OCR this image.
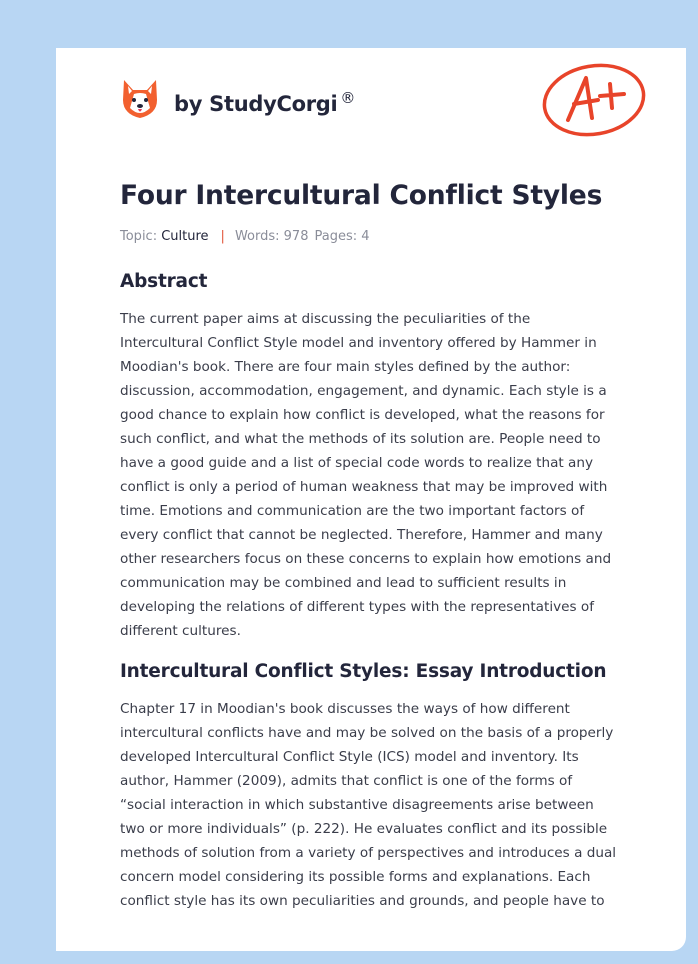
by StudyCorgi ®
Four Intercultural Conflict Styles
Topic: Culture | Words: 978 Pages: 4
Abstract

The current paper aims at discussing the peculiarities of the
Intercultural Conflict Style model and inventory offered by Hammer in
Moodian's book. There are four main styles defined by the author:
discussion, accommodation, engagement, and dynamic. Each style is a
good chance to explain how conflict is developed, what the reasons for
such conflict, and what the methods of its solution are. People need to
have a good guide and a list of special code words to realize that any
conflict is only a period of human weakness that may be improved with
time. Emotions and communication are the two important factors of
every conflict that cannot be neglected. Therefore, Hammer and many
other researchers focus on these concerns to explain how emotions and
communication may be combined and lead to sufficient results in
developing the relations of different types with the representatives of
different cultures.

Intercultural Conflict Styles: Essay Introduction

Chapter 17 in Moodian's book discusses the ways of how different
intercultural conflicts have and may be solved on the basis of a properly
developed Intercultural Conflict Style (ICS) model and inventory. Its
author, Hammer (2009), admits that conflict is one of the forms of
“social interaction in which substantive disagreements arise between
two or more individuals” (p. 222). He evaluates conflict and its possible
methods of solution from a variety of perspectives and introduces a dual
concern model considering its possible forms and explanations. Each
conflict style has its own peculiarities and grounds, and people have to
